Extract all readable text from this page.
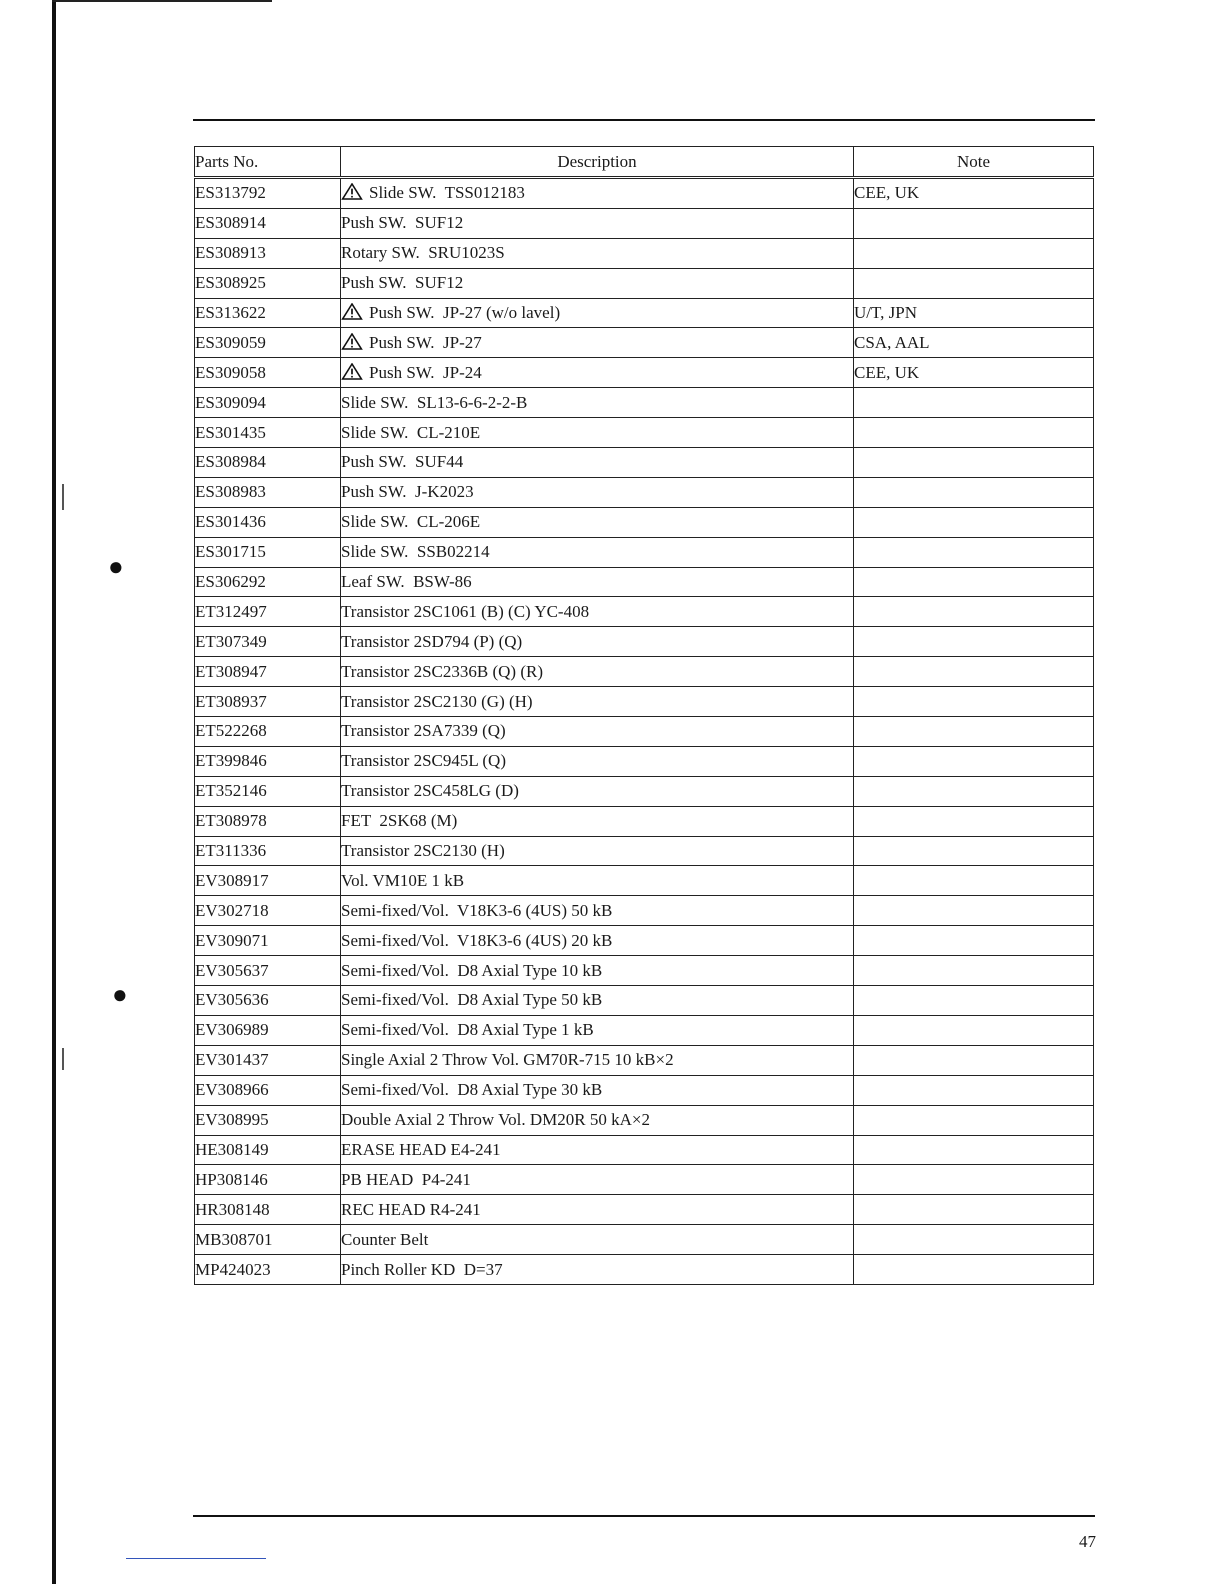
●
●
Parts No.	Description	Note
ES313792	Slide SW.  TSS012183	CEE, UK
ES308914	Push SW.  SUF12	
ES308913	Rotary SW.  SRU1023S	
ES308925	Push SW.  SUF12	
ES313622	Push SW.  JP-27 (w/o lavel)	U/T, JPN
ES309059	Push SW.  JP-27	CSA, AAL
ES309058	Push SW.  JP-24	CEE, UK
ES309094	Slide SW.  SL13-6-6-2-2-B	
ES301435	Slide SW.  CL-210E	
ES308984	Push SW.  SUF44	
ES308983	Push SW.  J-K2023	
ES301436	Slide SW.  CL-206E	
ES301715	Slide SW.  SSB02214	
ES306292	Leaf SW.  BSW-86	
ET312497	Transistor 2SC1061 (B) (C) YC-408	
ET307349	Transistor 2SD794 (P) (Q)	
ET308947	Transistor 2SC2336B (Q) (R)	
ET308937	Transistor 2SC2130 (G) (H)	
ET522268	Transistor 2SA7339 (Q)	
ET399846	Transistor 2SC945L (Q)	
ET352146	Transistor 2SC458LG (D)	
ET308978	FET  2SK68 (M)	
ET311336	Transistor 2SC2130 (H)	
EV308917	Vol. VM10E 1 kB	
EV302718	Semi-fixed/Vol.  V18K3-6 (4US) 50 kB	
EV309071	Semi-fixed/Vol.  V18K3-6 (4US) 20 kB	
EV305637	Semi-fixed/Vol.  D8 Axial Type 10 kB	
EV305636	Semi-fixed/Vol.  D8 Axial Type 50 kB	
EV306989	Semi-fixed/Vol.  D8 Axial Type 1 kB	
EV301437	Single Axial 2 Throw Vol. GM70R-715 10 kB×2	
EV308966	Semi-fixed/Vol.  D8 Axial Type 30 kB	
EV308995	Double Axial 2 Throw Vol. DM20R 50 kA×2	
HE308149	ERASE HEAD E4-241	
HP308146	PB HEAD  P4-241	
HR308148	REC HEAD R4-241	
MB308701	Counter Belt	
MP424023	Pinch Roller KD  D=37	
47
